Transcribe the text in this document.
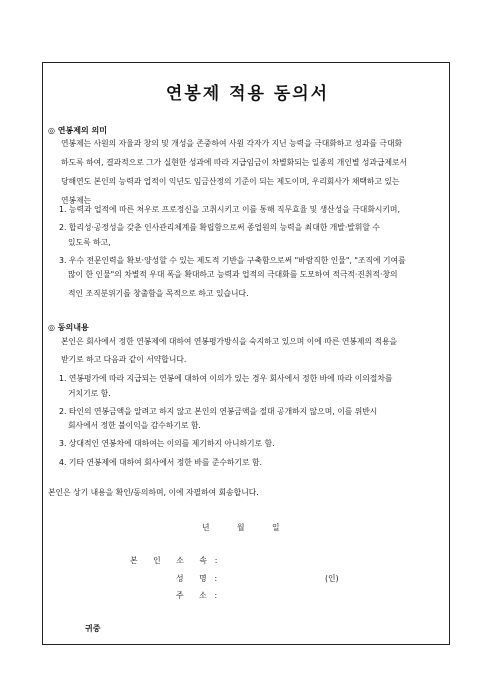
연봉제 적용 동의서
◎ 연봉제의 의미
연봉제는 사원의 자율과 창의 및 개성을 존중하여 사원 각자가 지닌 능력을 극대화하고 성과를 극대화
하도록 하여, 결과적으로 그가 실현한 성과에 따라 지급임금이 차별화되는 일종의 개인별 성과급제로서
당해연도 본인의 능력과 업적이 익년도 임금산정의 기준이 되는 제도이며, 우리회사가 채택하고 있는
연봉제는
1. 능력과 업적에 따른 처우로 프로정신을 고취시키고 이를 통해 직무효율 및 생산성을 극대화시키며,
2. 합리성·공정성을 갖춘 인사관리체계를 확립함으로써 종업원의 능력을 최대한 개발·발휘할 수
있도록 하고,
3. 우수 전문인력을 확보·양성할 수 있는 제도적 기반을 구축함으로써 "바람직한 인물", "조직에 기여를
많이 한 인물"의 차별적 우대 폭을 확대하고 능력과 업적의 극대화를 도모하여 적극적·진취적·창의
적인 조직분위기를 창출함을 목적으로 하고 있습니다.
◎ 동의내용
본인은 회사에서 정한 연봉제에 대하여 연봉평가방식을 숙지하고 있으며 이에 따른 연봉제의 적용을
받기로 하고 다음과 같이 서약합니다.
1. 연봉평가에 따라 지급되는 연봉에 대하여 이의가 있는 경우 회사에서 정한 바에 따라 이의절차를
거치기로 함.
2. 타인의 연봉금액을 알려고 하지 않고 본인의 연봉금액을 절대 공개하지 않으며, 이를 위반시
회사에서 정한 불이익을 감수하기로 함.
3. 상대적인 연봉차에 대하여는 이의를 제기하지 아니하기로 함.
4. 기타 연봉제에 대하여 회사에서 정한 바를 준수하기로 함.
본인은 상기 내용을 확인/동의하며, 이에 자필하여 회송합니다.
년	월	일
본　　인　　소　　속　:
성　　명　:	(인)
주　　소　:
귀중
